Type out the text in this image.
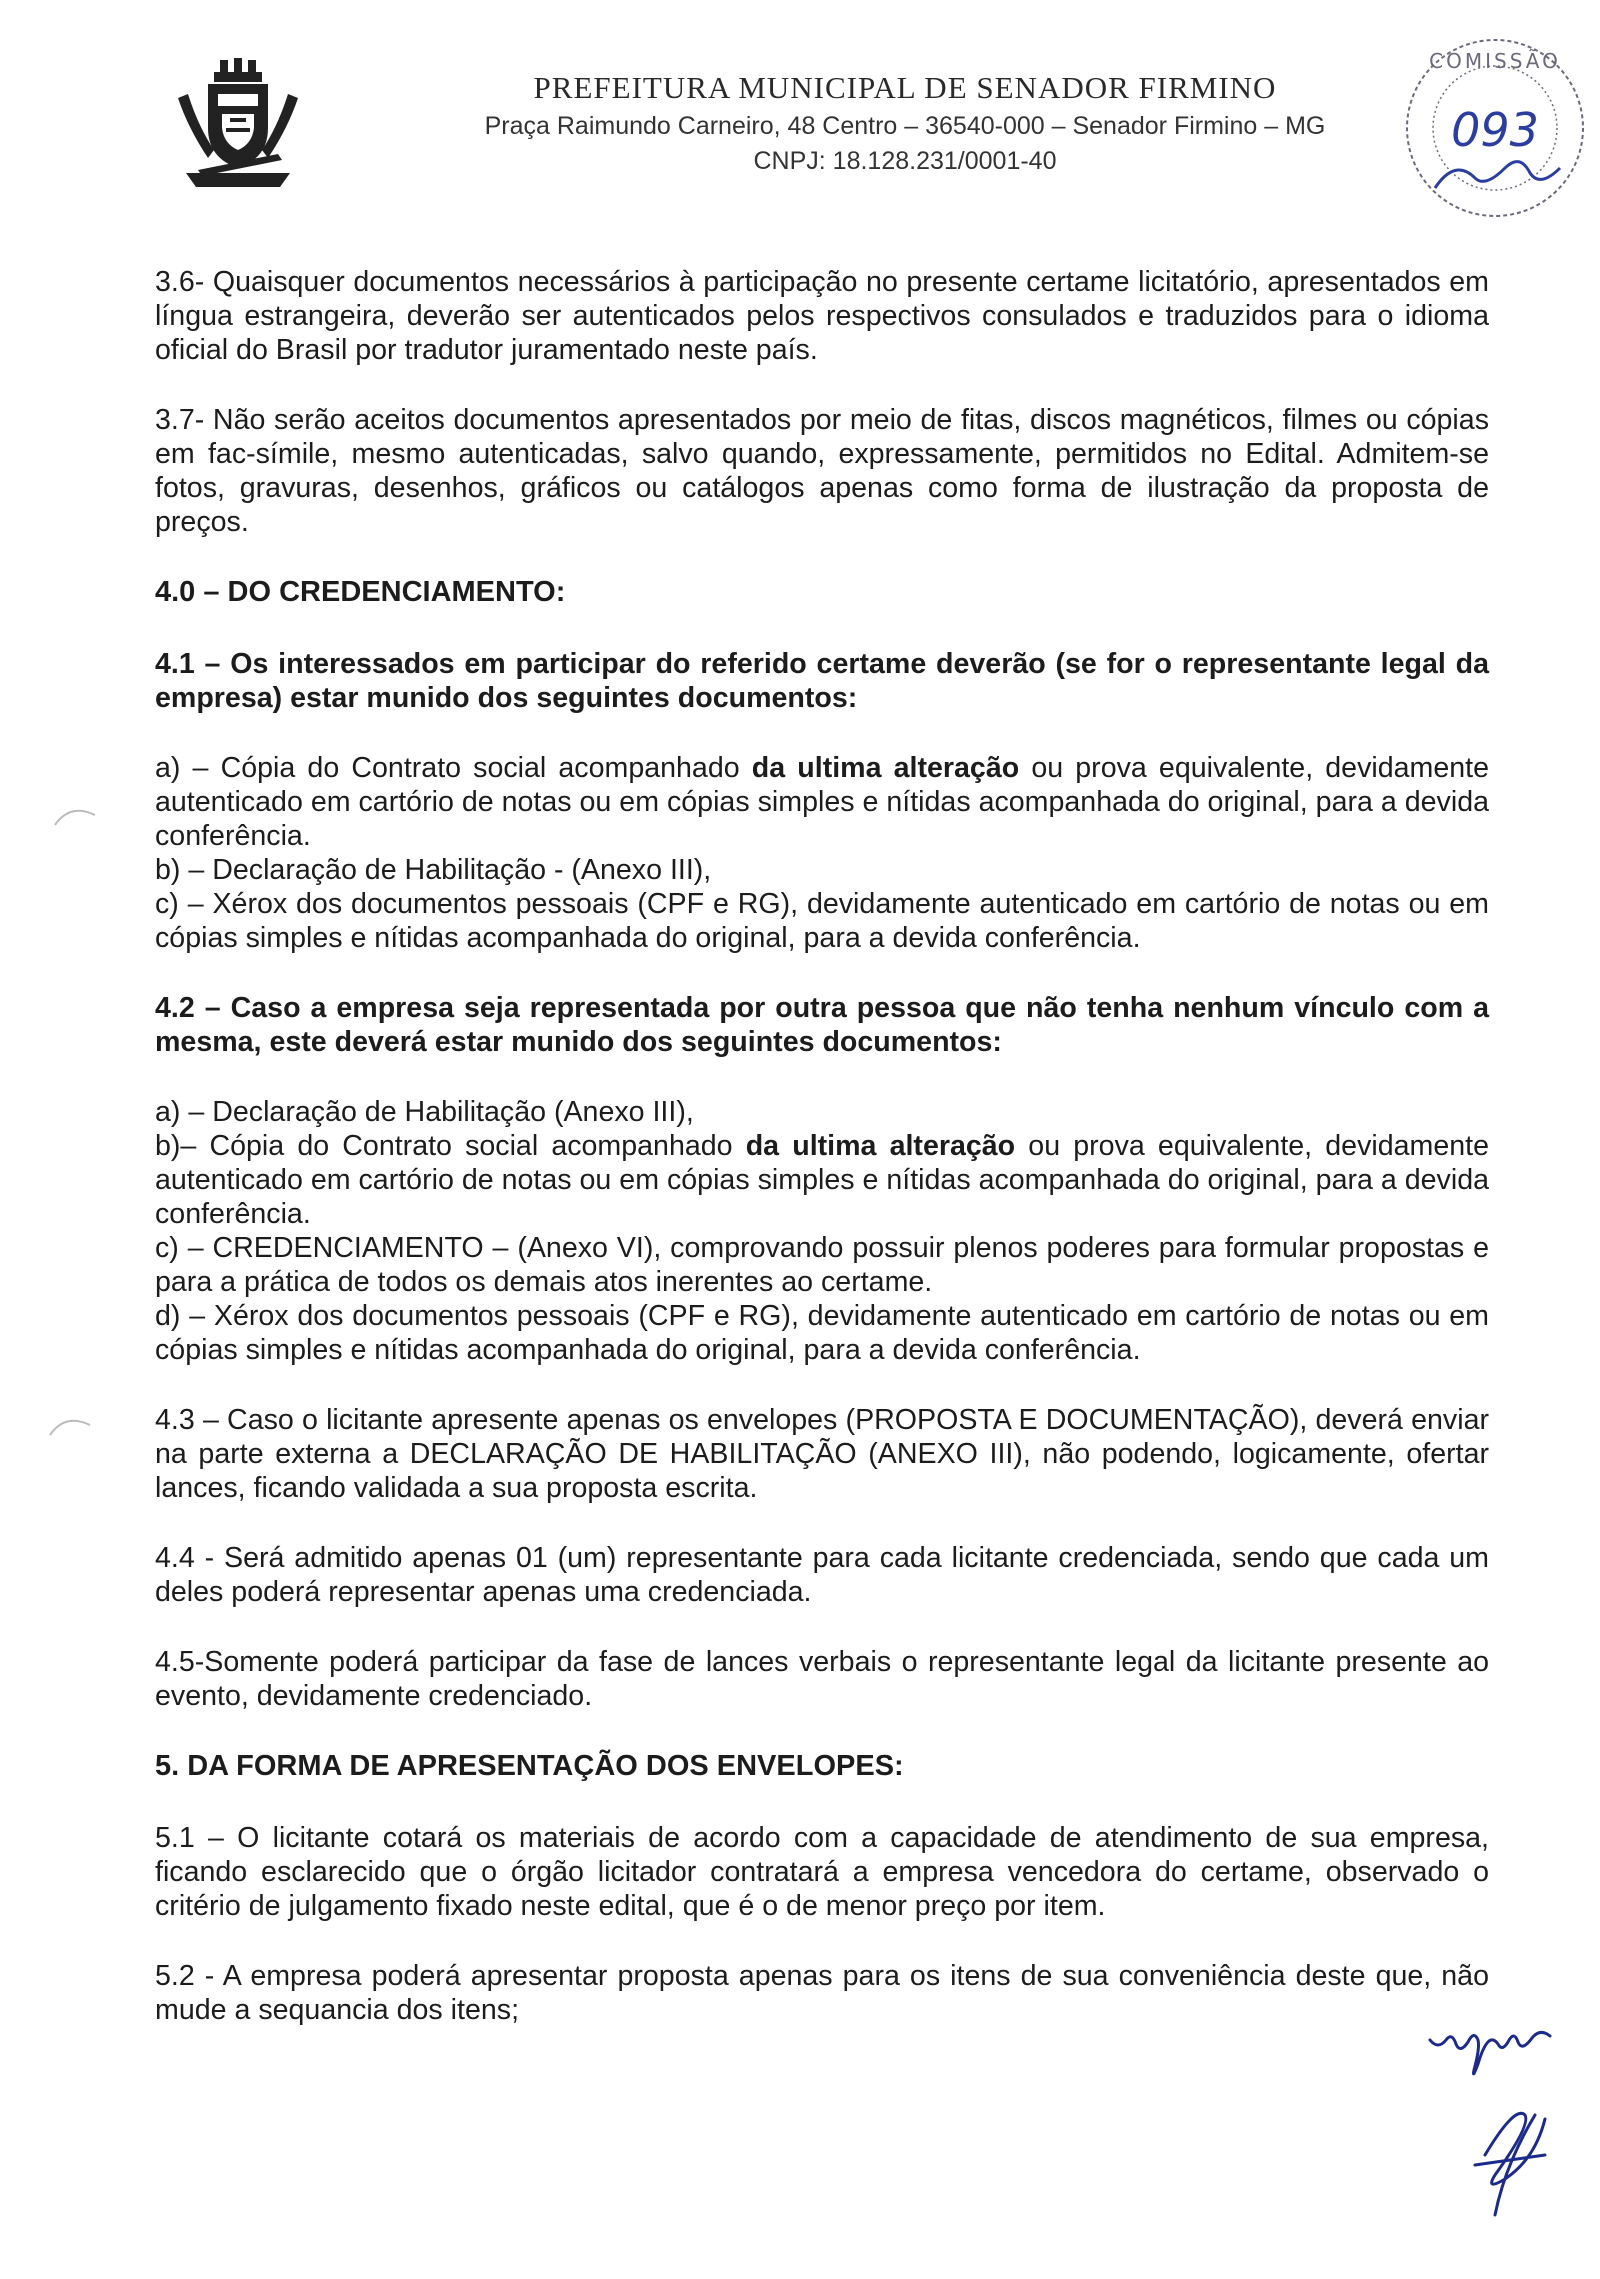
PREFEITURA MUNICIPAL DE SENADOR FIRMINO
Praça Raimundo Carneiro, 48 Centro – 36540-000 – Senador Firmino – MG
CNPJ: 18.128.231/0001-40
COMISSÃO
093

3.6- Quaisquer documentos necessários à participação no presente certame licitatório, apresentados em língua estrangeira, deverão ser autenticados pelos respectivos consulados e traduzidos para o idioma oficial do Brasil por tradutor juramentado neste país.

3.7- Não serão aceitos documentos apresentados por meio de fitas, discos magnéticos, filmes ou cópias em fac-símile, mesmo autenticadas, salvo quando, expressamente, permitidos no Edital. Admitem-se fotos, gravuras, desenhos, gráficos ou catálogos apenas como forma de ilustração da proposta de preços.

4.0 – DO CREDENCIAMENTO:

4.1 – Os interessados em participar do referido certame deverão (se for o representante legal da empresa) estar munido dos seguintes documentos:

a) – Cópia do Contrato social acompanhado da ultima alteração ou prova equivalente, devidamente autenticado em cartório de notas ou em cópias simples e nítidas acompanhada do original, para a devida conferência.
b) – Declaração de Habilitação - (Anexo III),
c) – Xérox dos documentos pessoais (CPF e RG), devidamente autenticado em cartório de notas ou em cópias simples e nítidas acompanhada do original, para a devida conferência.

4.2 – Caso a empresa seja representada por outra pessoa que não tenha nenhum vínculo com a mesma, este deverá estar munido dos seguintes documentos:

a) – Declaração de Habilitação (Anexo III),
b)– Cópia do Contrato social acompanhado da ultima alteração ou prova equivalente, devidamente autenticado em cartório de notas ou em cópias simples e nítidas acompanhada do original, para a devida conferência.
c) – CREDENCIAMENTO – (Anexo VI), comprovando possuir plenos poderes para formular propostas e para a prática de todos os demais atos inerentes ao certame.
d) – Xérox dos documentos pessoais (CPF e RG), devidamente autenticado em cartório de notas ou em cópias simples e nítidas acompanhada do original, para a devida conferência.

4.3 – Caso o licitante apresente apenas os envelopes (PROPOSTA E DOCUMENTAÇÃO), deverá enviar na parte externa a DECLARAÇÃO DE HABILITAÇÃO (ANEXO III), não podendo, logicamente, ofertar lances, ficando validada a sua proposta escrita.

4.4 - Será admitido apenas 01 (um) representante para cada licitante credenciada, sendo que cada um deles poderá representar apenas uma credenciada.

4.5-Somente poderá participar da fase de lances verbais o representante legal da licitante presente ao evento, devidamente credenciado.

5. DA FORMA DE APRESENTAÇÃO DOS ENVELOPES:

5.1 – O licitante cotará os materiais de acordo com a capacidade de atendimento de sua empresa, ficando esclarecido que o órgão licitador contratará a empresa vencedora do certame, observado o critério de julgamento fixado neste edital, que é o de menor preço por item.

5.2 - A empresa poderá apresentar proposta apenas para os itens de sua conveniência deste que, não mude a sequancia dos itens;
